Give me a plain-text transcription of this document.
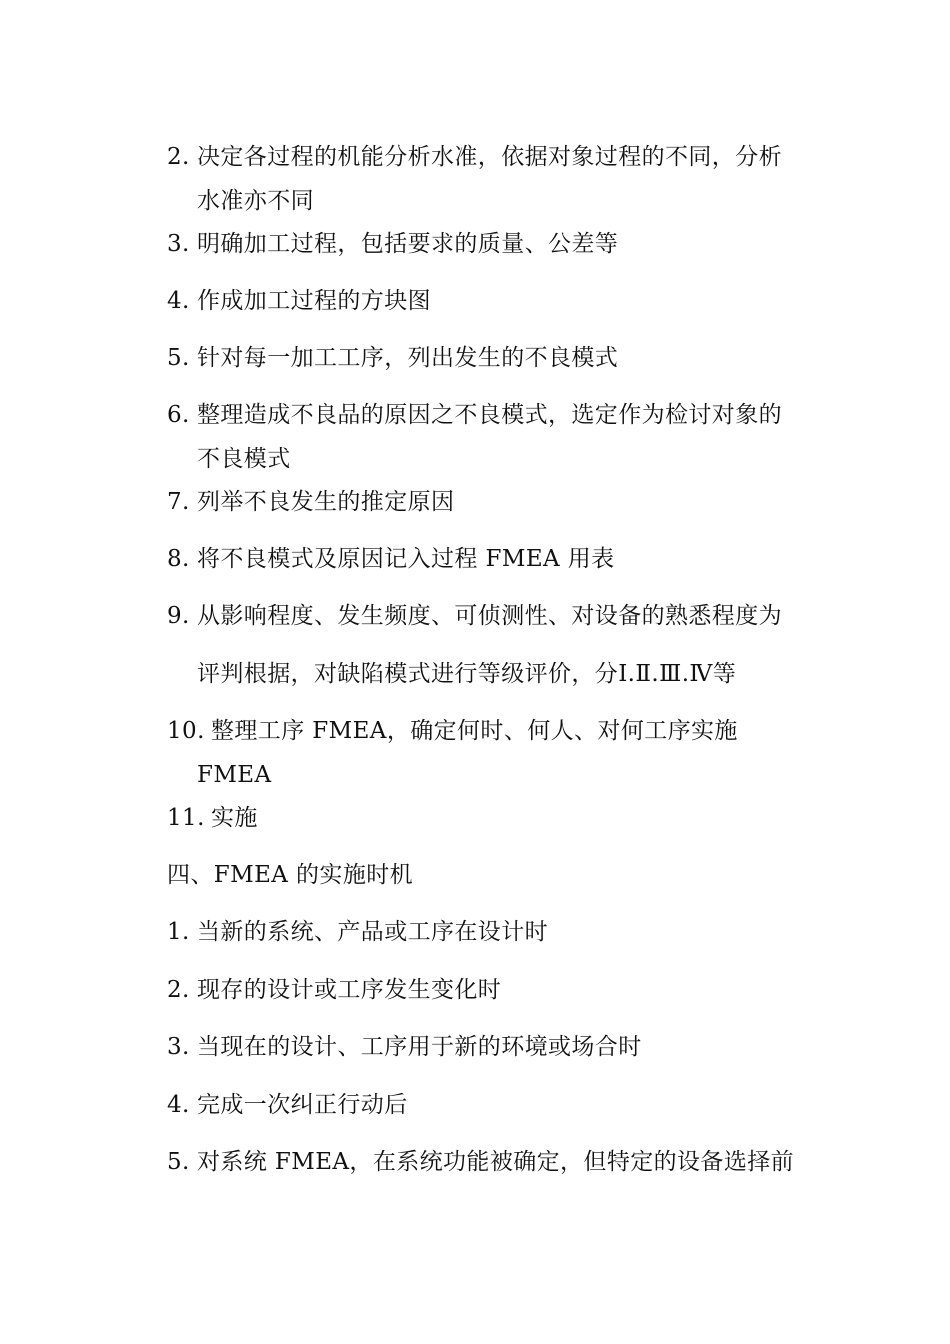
2. 决定各过程的机能分析水准，依据对象过程的不同，分析
水准亦不同
3. 明确加工过程，包括要求的质量、公差等
4. 作成加工过程的方块图
5. 针对每一加工工序，列出发生的不良模式
6. 整理造成不良品的原因之不良模式，选定作为检讨对象的
不良模式
7. 列举不良发生的推定原因
8. 将不良模式及原因记入过程 FMEA 用表
9. 从影响程度、发生频度、可侦测性、对设备的熟悉程度为
评判根据，对缺陷模式进行等级评价，分Ⅰ.Ⅱ.Ⅲ.Ⅳ等
10. 整理工序 FMEA，确定何时、何人、对何工序实施
FMEA
11. 实施
四、FMEA 的实施时机
1. 当新的系统、产品或工序在设计时
2. 现存的设计或工序发生变化时
3. 当现在的设计、工序用于新的环境或场合时
4. 完成一次纠正行动后
5. 对系统 FMEA，在系统功能被确定，但特定的设备选择前
